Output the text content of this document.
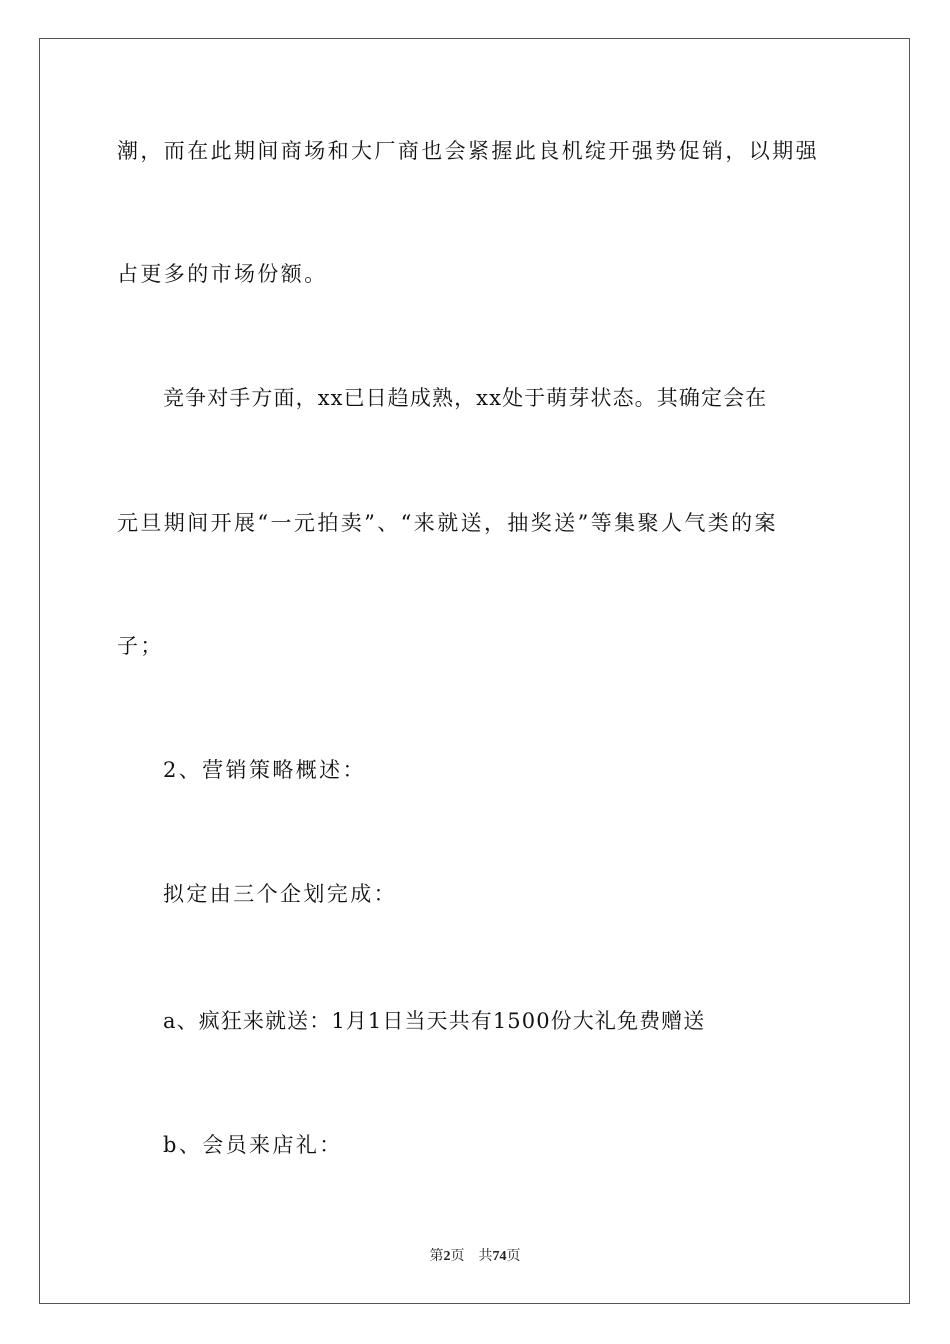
潮，而在此期间商场和大厂商也会紧握此良机绽开强势促销，以期强
占更多的市场份额。
竞争对手方面，xx已日趋成熟，xx处于萌芽状态。其确定会在
元旦期间开展“一元拍卖”、“来就送，抽奖送”等集聚人气类的案
子；
2、营销策略概述：
拟定由三个企划完成：
a、疯狂来就送：1月1日当天共有1500份大礼免费赠送
b、会员来店礼：
第2页 共74页
